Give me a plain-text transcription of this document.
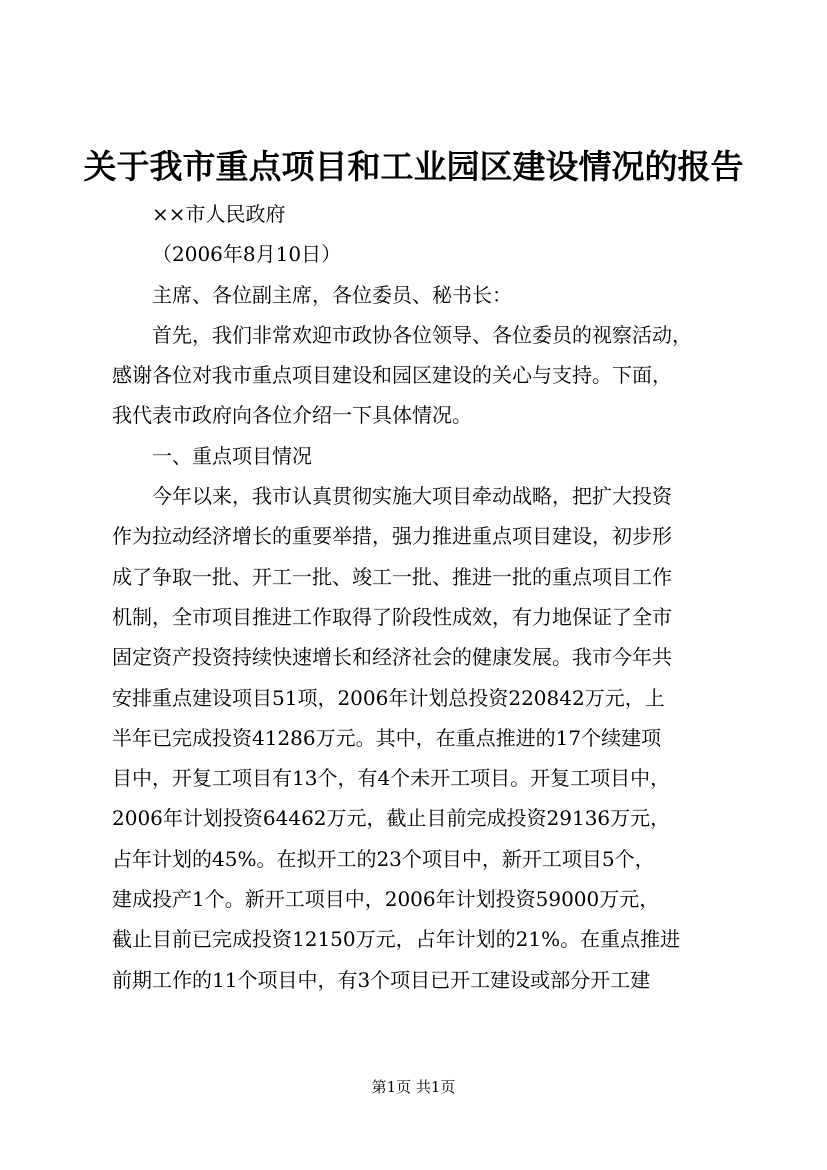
关于我市重点项目和工业园区建设情况的报告
××市人民政府
（2006年8月10日）
主席、各位副主席，各位委员、秘书长：
首先，我们非常欢迎市政协各位领导、各位委员的视察活动，
感谢各位对我市重点项目建设和园区建设的关心与支持。下面，
我代表市政府向各位介绍一下具体情况。
一、重点项目情况
今年以来，我市认真贯彻实施大项目牵动战略，把扩大投资
作为拉动经济增长的重要举措，强力推进重点项目建设，初步形
成了争取一批、开工一批、竣工一批、推进一批的重点项目工作
机制，全市项目推进工作取得了阶段性成效，有力地保证了全市
固定资产投资持续快速增长和经济社会的健康发展。我市今年共
安排重点建设项目51项，2006年计划总投资220842万元，上
半年已完成投资41286万元。其中，在重点推进的17个续建项
目中，开复工项目有13个，有4个未开工项目。开复工项目中，
2006年计划投资64462万元，截止目前完成投资29136万元，
占年计划的45%。在拟开工的23个项目中，新开工项目5个，
建成投产1个。新开工项目中，2006年计划投资59000万元，
截止目前已完成投资12150万元，占年计划的21%。在重点推进
前期工作的11个项目中，有3个项目已开工建设或部分开工建
第1页 共1页
